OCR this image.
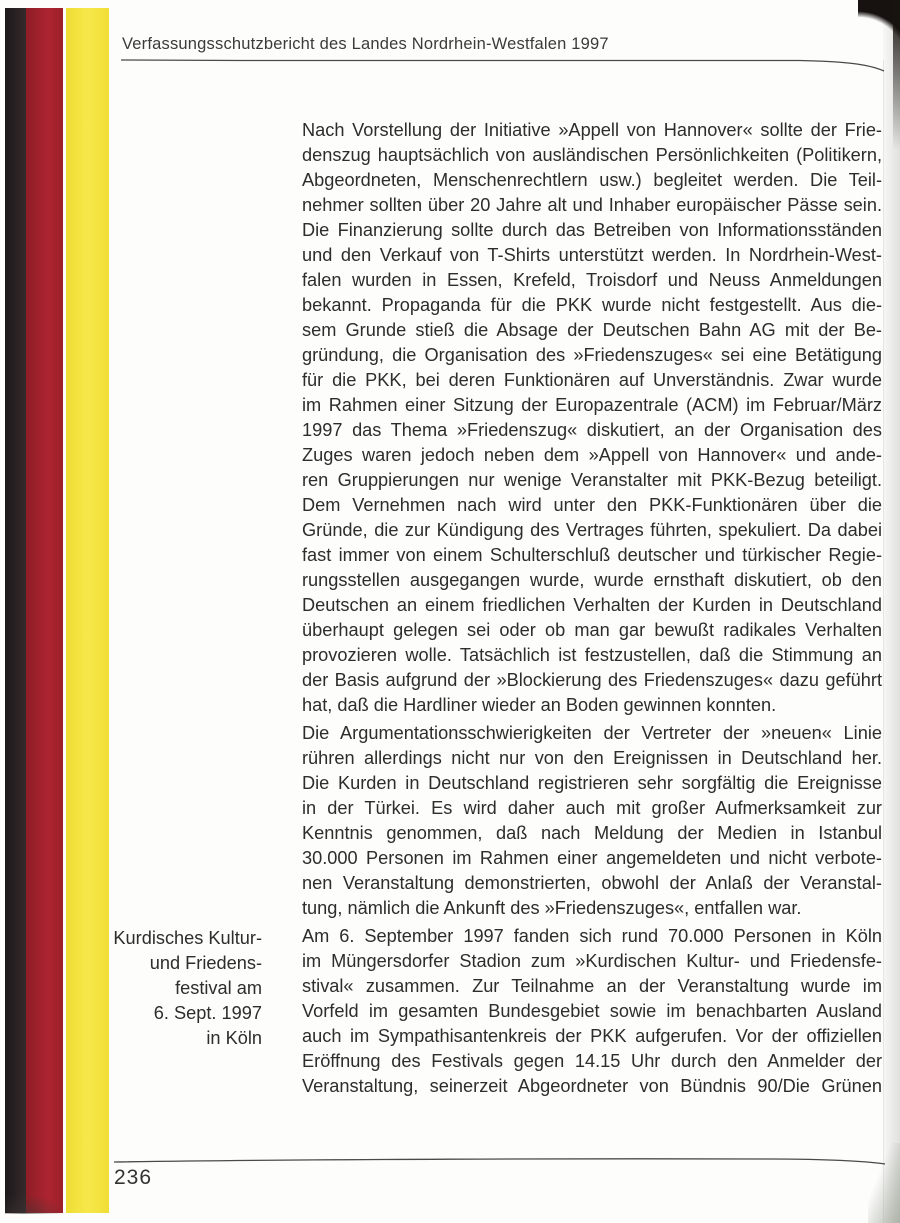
Verfassungsschutzbericht des Landes Nordrhein-Westfalen 1997
Nach Vorstellung der Initiative »Appell von Hannover« sollte der Frie-
denszug hauptsächlich von ausländischen Persönlichkeiten (Politikern,
Abgeordneten, Menschenrechtlern usw.) begleitet werden. Die Teil-
nehmer sollten über 20 Jahre alt und Inhaber europäischer Pässe sein.
Die Finanzierung sollte durch das Betreiben von Informationsständen
und den Verkauf von T-Shirts unterstützt werden. In Nordrhein-West-
falen wurden in Essen, Krefeld, Troisdorf und Neuss Anmeldungen
bekannt. Propaganda für die PKK wurde nicht festgestellt. Aus die-
sem Grunde stieß die Absage der Deutschen Bahn AG mit der Be-
gründung, die Organisation des »Friedenszuges« sei eine Betätigung
für die PKK, bei deren Funktionären auf Unverständnis. Zwar wurde
im Rahmen einer Sitzung der Europazentrale (ACM) im Februar/März
1997 das Thema »Friedenszug« diskutiert, an der Organisation des
Zuges waren jedoch neben dem »Appell von Hannover« und ande-
ren Gruppierungen nur wenige Veranstalter mit PKK-Bezug beteiligt.
Dem Vernehmen nach wird unter den PKK-Funktionären über die
Gründe, die zur Kündigung des Vertrages führten, spekuliert. Da dabei
fast immer von einem Schulterschluß deutscher und türkischer Regie-
rungsstellen ausgegangen wurde, wurde ernsthaft diskutiert, ob den
Deutschen an einem friedlichen Verhalten der Kurden in Deutschland
überhaupt gelegen sei oder ob man gar bewußt radikales Verhalten
provozieren wolle. Tatsächlich ist festzustellen, daß die Stimmung an
der Basis aufgrund der »Blockierung des Friedenszuges« dazu geführt
hat, daß die Hardliner wieder an Boden gewinnen konnten.
Die Argumentationsschwierigkeiten der Vertreter der »neuen« Linie
rühren allerdings nicht nur von den Ereignissen in Deutschland her.
Die Kurden in Deutschland registrieren sehr sorgfältig die Ereignisse
in der Türkei. Es wird daher auch mit großer Aufmerksamkeit zur
Kenntnis genommen, daß nach Meldung der Medien in Istanbul
30.000 Personen im Rahmen einer angemeldeten und nicht verbote-
nen Veranstaltung demonstrierten, obwohl der Anlaß der Veranstal-
tung, nämlich die Ankunft des »Friedenszuges«, entfallen war.
Am 6. September 1997 fanden sich rund 70.000 Personen in Köln
im Müngersdorfer Stadion zum »Kurdischen Kultur- und Friedensfe-
stival« zusammen. Zur Teilnahme an der Veranstaltung wurde im
Vorfeld im gesamten Bundesgebiet sowie im benachbarten Ausland
auch im Sympathisantenkreis der PKK aufgerufen. Vor der offiziellen
Eröffnung des Festivals gegen 14.15 Uhr durch den Anmelder der
Veranstaltung, seinerzeit Abgeordneter von Bündnis 90/Die Grünen
Kurdisches Kultur-
und Friedens-
festival am
6. Sept. 1997
in Köln
236
